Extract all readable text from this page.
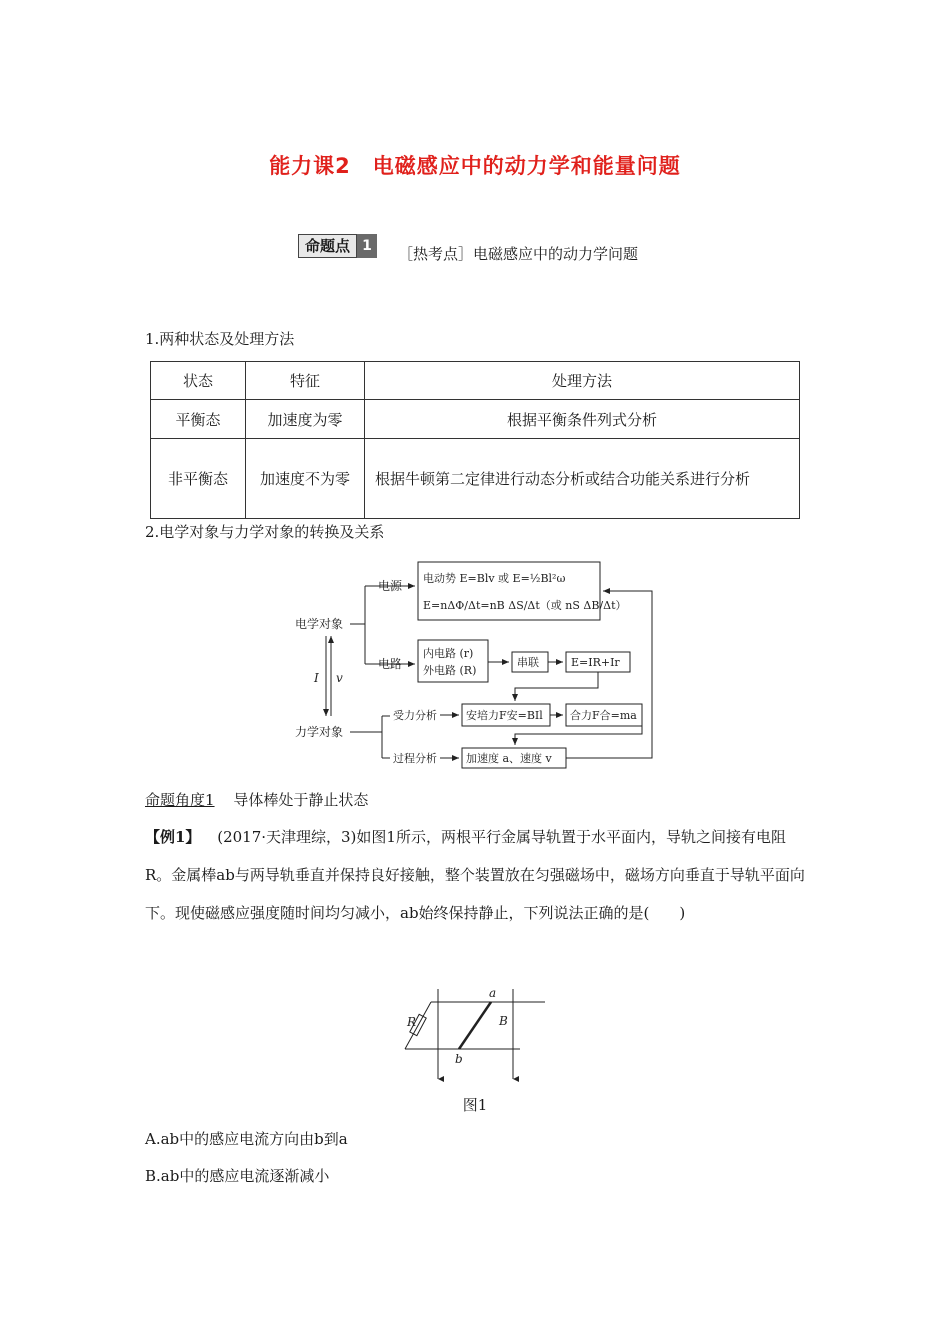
能力课2　电磁感应中的动力学和能量问题
命题点 1	［热考点］电磁感应中的动力学问题
1.两种状态及处理方法
状态	特征	处理方法
平衡态	加速度为零	根据平衡条件列式分析
非平衡态	加速度不为零	根据牛顿第二定律进行动态分析或结合功能关系进行分析
2.电学对象与力学对象的转换及关系
电学对象
力学对象
电源
电路
电动势 E=Blv 或 E=½Bl²ω
E=nΔΦ/Δt=nB ΔS/Δt（或 nS ΔB/Δt）
内电路 (r)
外电路 (R)
串联	E=IR+Ir
受力分析	安培力F安=BIl 合力F合=ma
过程分析	加速度 a、速度 v
I v
命题角度1 导体棒处于静止状态
【例1】 (2017·天津理综，3)如图1所示，两根平行金属导轨置于水平面内，导轨之间接有电阻R。金属棒ab与两导轨垂直并保持良好接触，整个装置放在匀强磁场中，磁场方向垂直于导轨平面向下。现使磁感应强度随时间均匀减小，ab始终保持静止，下列说法正确的是(　　)
R
a
b
B
图1
A.ab中的感应电流方向由b到a
B.ab中的感应电流逐渐减小
